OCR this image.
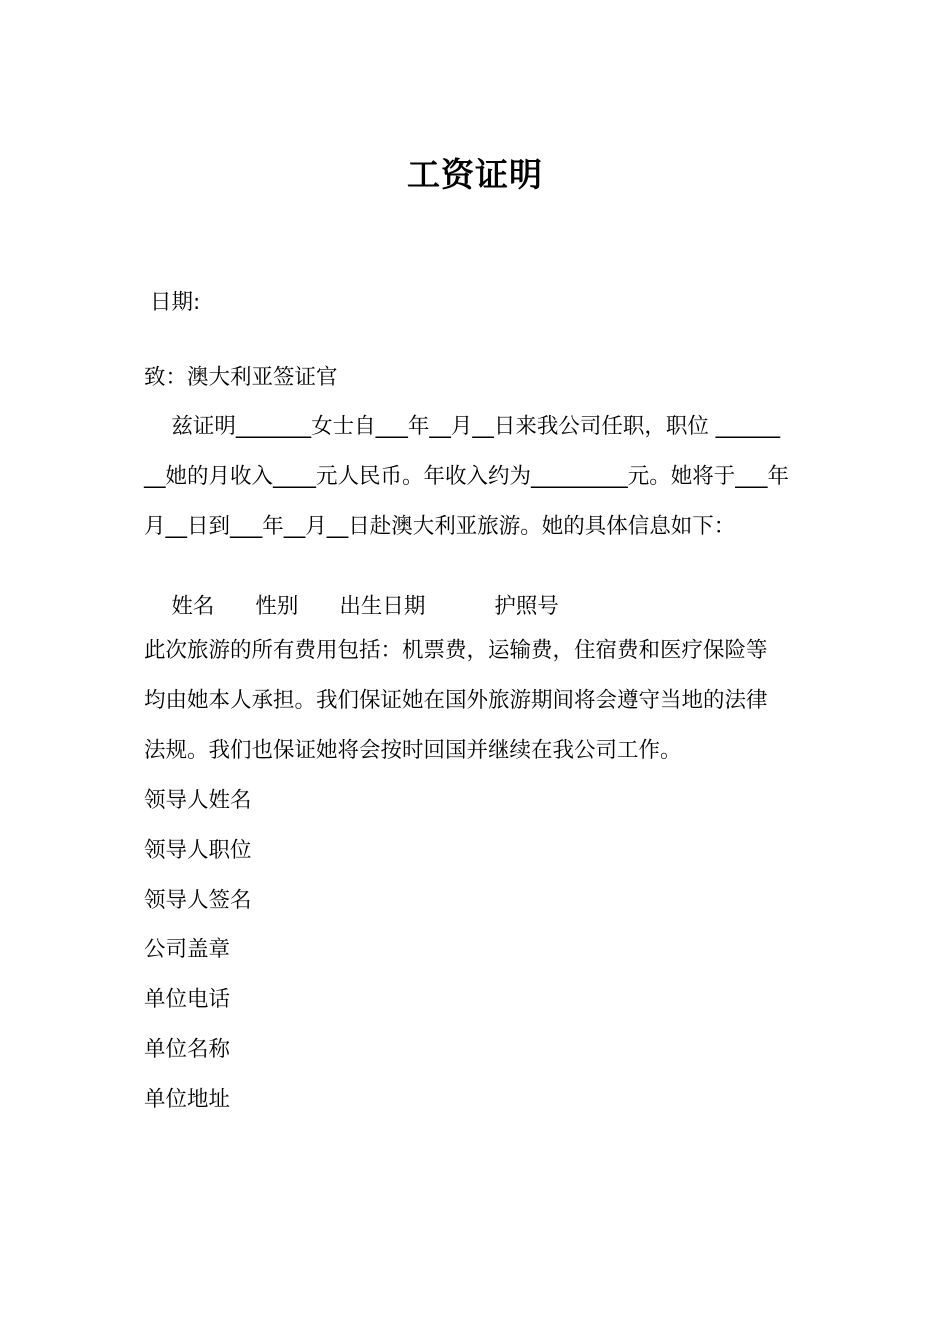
工资证明
日期:
致：澳大利亚签证官
兹证明_______女士自___年__月__日来我公司任职，职位 ______
__她的月收入____元人民币。年收入约为_________元。她将于___年
月__日到___年__月__日赴澳大利亚旅游。她的具体信息如下：

姓名 性别 出生日期	护照号

此次旅游的所有费用包括：机票费，运输费，住宿费和医疗保险等
均由她本人承担。我们保证她在国外旅游期间将会遵守当地的法律
法规。我们也保证她将会按时回国并继续在我公司工作。
领导人姓名
领导人职位
领导人签名
公司盖章
单位电话
单位名称
单位地址
